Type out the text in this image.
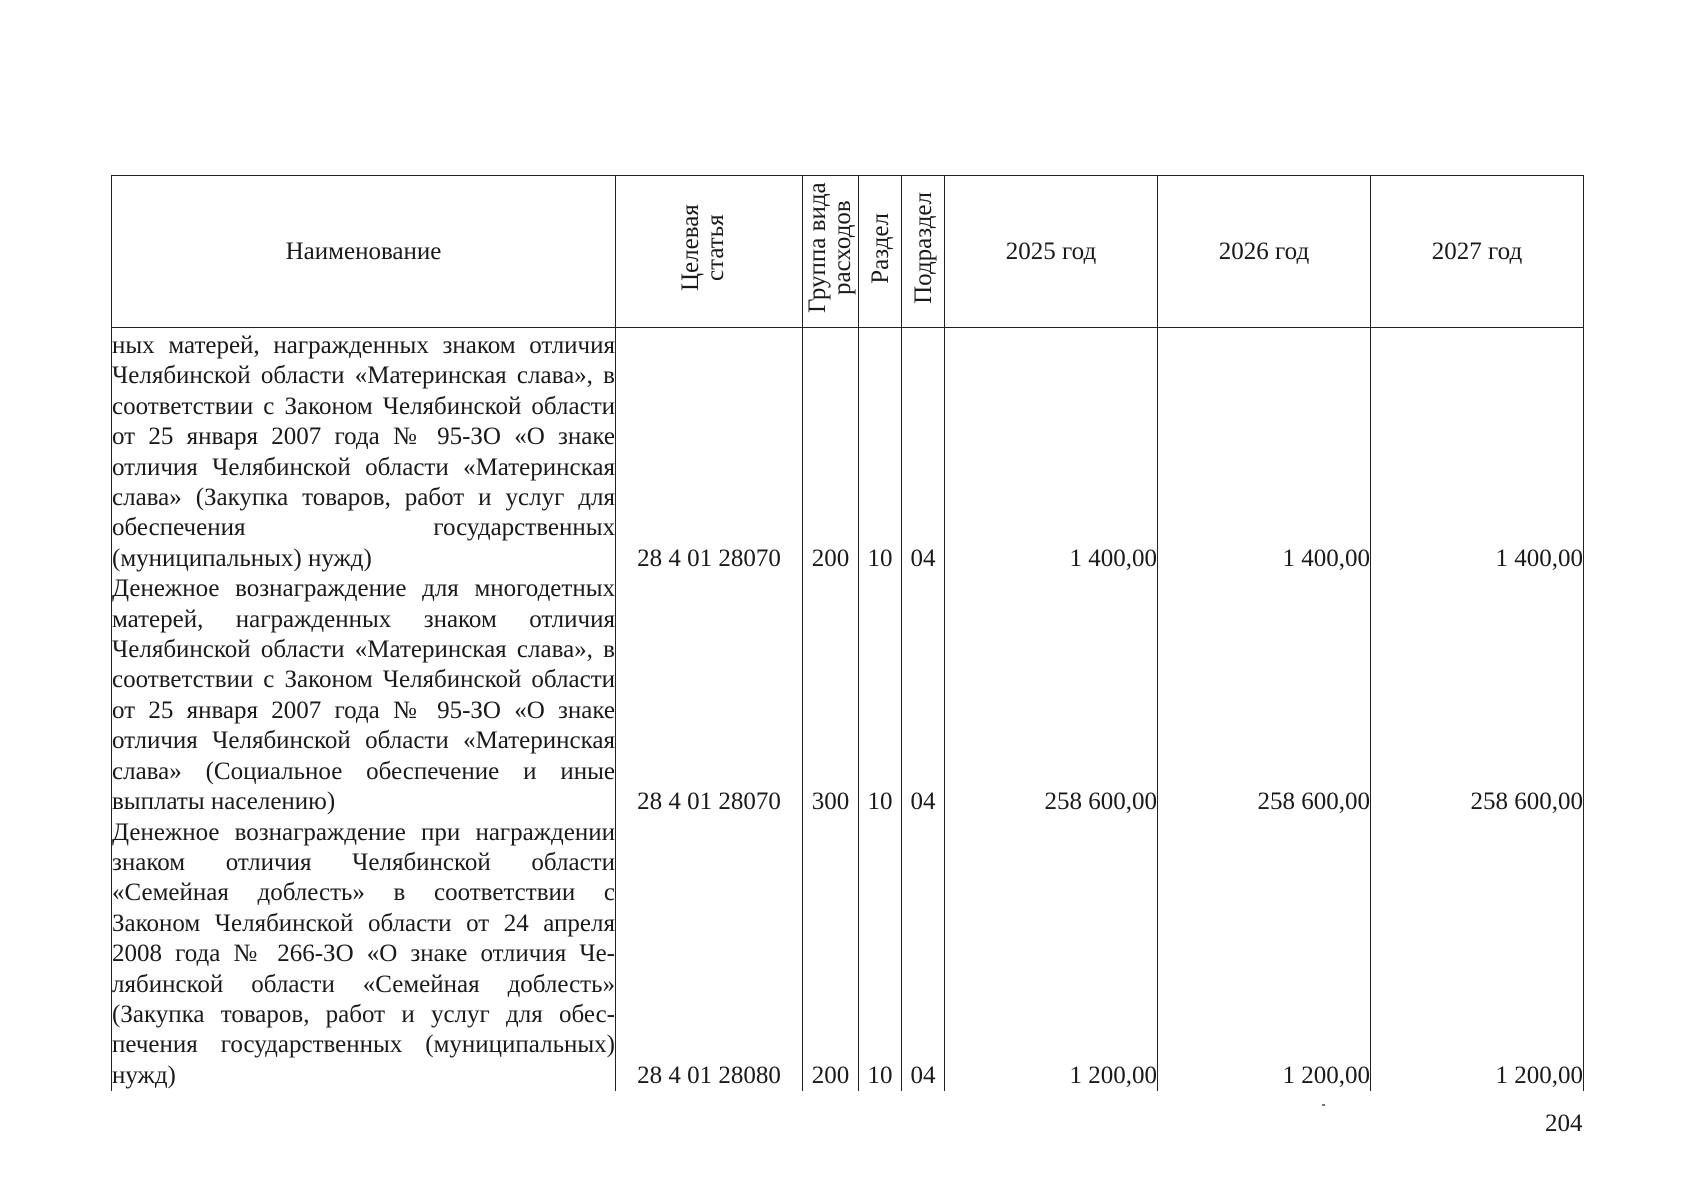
Наименование	Целевая статья	Группа вида расходов	Раздел	Подраздел	2025 год	2026 год	2027 год
ных матерей, награжденных знаком отличия Челябинской области «Материнская слава», в соответствии с Законом Челябинской области от 25 января 2007 года № 95-ЗО «О знаке отличия Челябинской области «Материнская слава» (Закупка товаров, работ и услуг для обеспечения государственных (муниципальных) нужд)	28 4 01 28070	200	10	04	1 400,00	1 400,00	1 400,00
Денежное вознаграждение для многодетных матерей, награжденных знаком отличия Челябинской области «Материнская слава», в соответствии с Законом Челябинской области от 25 января 2007 года № 95-ЗО «О знаке отличия Челябинской области «Материнская слава» (Социальное обеспечение и иные выплаты населению)	28 4 01 28070	300	10	04	258 600,00	258 600,00	258 600,00
Денежное вознаграждение при награждении знаком отличия Челябинской области «Семейная доблесть» в соответствии с Законом Челябинской области от 24 апреля 2008 года № 266-ЗО «О знаке отличия Челябинской области «Семейная доблесть» (Закупка товаров, работ и услуг для обеспечения государственных (муниципальных) нужд)	28 4 01 28080	200	10	04	1 200,00	1 200,00	1 200,00
204
